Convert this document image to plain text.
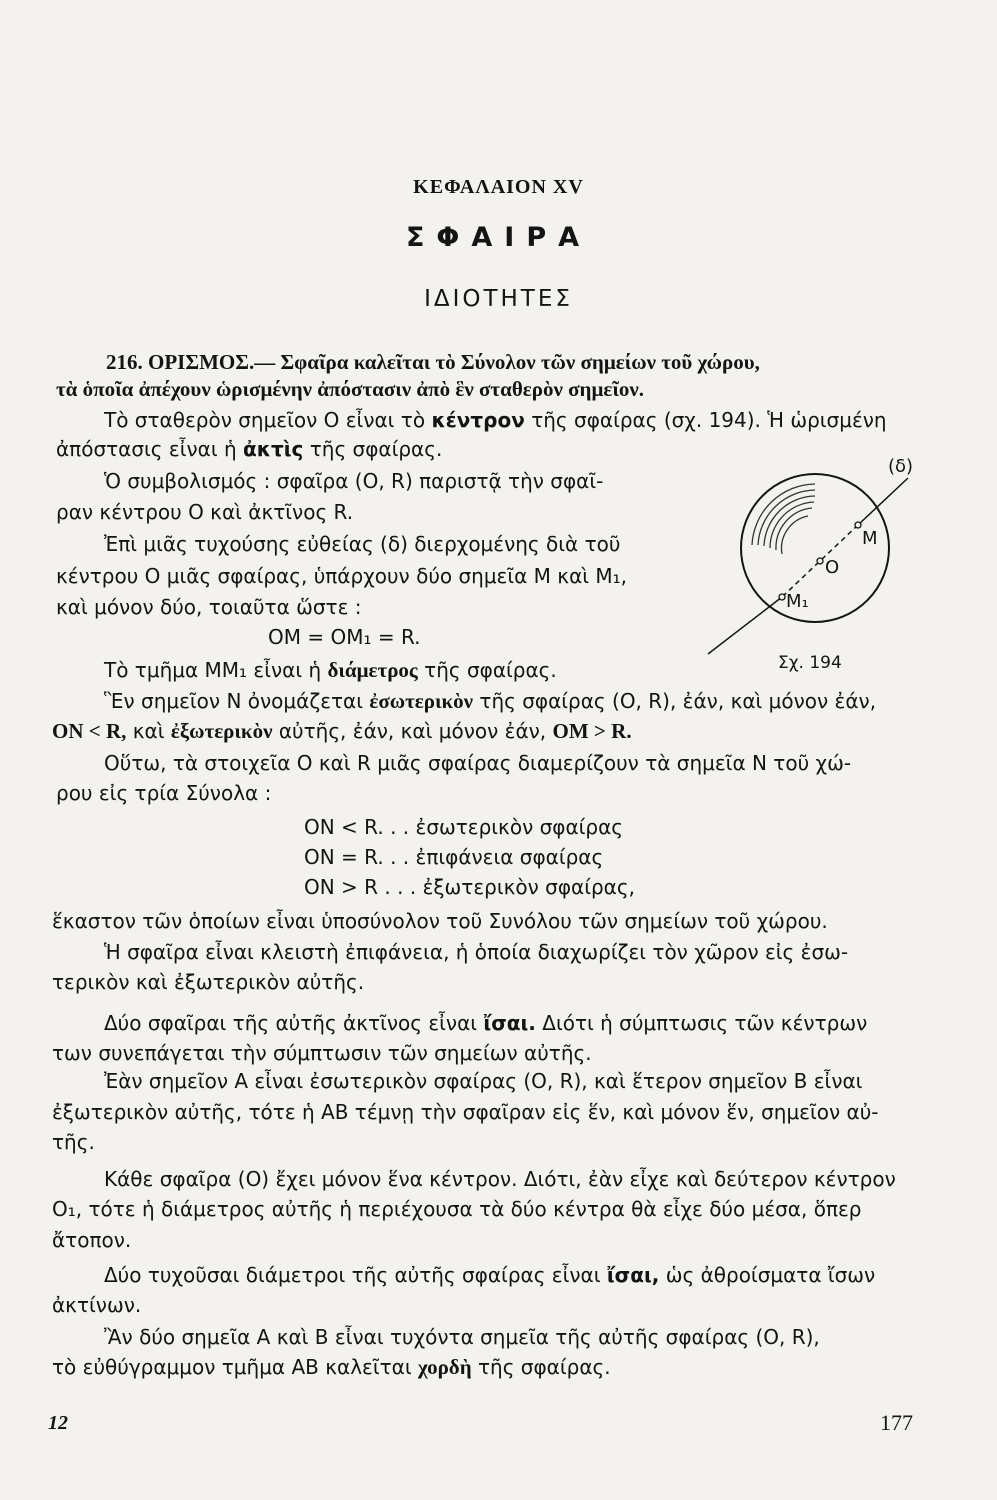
ΚΕΦΑΛΑΙΟΝ XV
ΣΦΑΙΡΑ
ΙΔΙΟΤΗΤΕΣ
216. ΟΡΙΣΜΟΣ.— Σφαῖρα καλεῖται τὸ Σύνολον τῶν σημείων τοῦ χώρου,
τὰ ὁποῖα ἀπέχουν ὡρισμένην ἀπόστασιν ἀπὸ ἓν σταθερὸν σημεῖον.
Τὸ σταθερὸν σημεῖον O εἶναι τὸ κέντρον τῆς σφαίρας (σχ. 194). Ἡ ὡρισμένη
ἀπόστασις εἶναι ἡ ἀκτὶς τῆς σφαίρας.
Ὁ συμβολισμός : σφαῖρα (O, R) παριστᾷ τὴν σφαῖ-
ραν κέντρου O καὶ ἀκτῖνος R.
Ἐπὶ μιᾶς τυχούσης εὐθείας (δ) διερχομένης διὰ τοῦ
κέντρου O μιᾶς σφαίρας, ὑπάρχουν δύο σημεῖα M καὶ M₁,
καὶ μόνον δύο, τοιαῦτα ὥστε :
OM = OM₁ = R.
Τὸ τμῆμα MM₁ εἶναι ἡ διάμετρος τῆς σφαίρας.
Ἓν σημεῖον N ὀνομάζεται ἐσωτερικὸν τῆς σφαίρας (O, R), ἐάν, καὶ μόνον ἐάν,
ON < R, καὶ ἐξωτερικὸν αὐτῆς, ἐάν, καὶ μόνον ἐάν, OM > R.
Οὕτω, τὰ στοιχεῖα O καὶ R μιᾶς σφαίρας διαμερίζουν τὰ σημεῖα N τοῦ χώ-
ρου εἰς τρία Σύνολα :
ON < R. . . ἐσωτερικὸν σφαίρας
ON = R. . . ἐπιφάνεια σφαίρας
ON > R . . . ἐξωτερικὸν σφαίρας,
ἕκαστον τῶν ὁποίων εἶναι ὑποσύνολον τοῦ Συνόλου τῶν σημείων τοῦ χώρου.
Ἡ σφαῖρα εἶναι κλειστὴ ἐπιφάνεια, ἡ ὁποία διαχωρίζει τὸν χῶρον εἰς ἐσω-
τερικὸν καὶ ἐξωτερικὸν αὐτῆς.
Δύο σφαῖραι τῆς αὐτῆς ἀκτῖνος εἶναι ἴσαι. Διότι ἡ σύμπτωσις τῶν κέντρων
των συνεπάγεται τὴν σύμπτωσιν τῶν σημείων αὐτῆς.
Ἐὰν σημεῖον A εἶναι ἐσωτερικὸν σφαίρας (O, R), καὶ ἕτερον σημεῖον B εἶναι
ἐξωτερικὸν αὐτῆς, τότε ἡ AB τέμνῃ τὴν σφαῖραν εἰς ἕν, καὶ μόνον ἕν, σημεῖον αὐ-
τῆς.
Κάθε σφαῖρα (O) ἔχει μόνον ἕνα κέντρον. Διότι, ἐὰν εἶχε καὶ δεύτερον κέντρον
O₁, τότε ἡ διάμετρος αὐτῆς ἡ περιέχουσα τὰ δύο κέντρα θὰ εἶχε δύο μέσα, ὅπερ
ἄτοπον.
Δύο τυχοῦσαι διάμετροι τῆς αὐτῆς σφαίρας εἶναι ἴσαι, ὡς ἀθροίσματα ἴσων
ἀκτίνων.
Ἂν δύο σημεῖα A καὶ B εἶναι τυχόντα σημεῖα τῆς αὐτῆς σφαίρας (O, R),
τὸ εὐθύγραμμον τμῆμα AB καλεῖται χορδὴ τῆς σφαίρας.
(δ)
M
O
M₁
Σχ. 194
12	177
